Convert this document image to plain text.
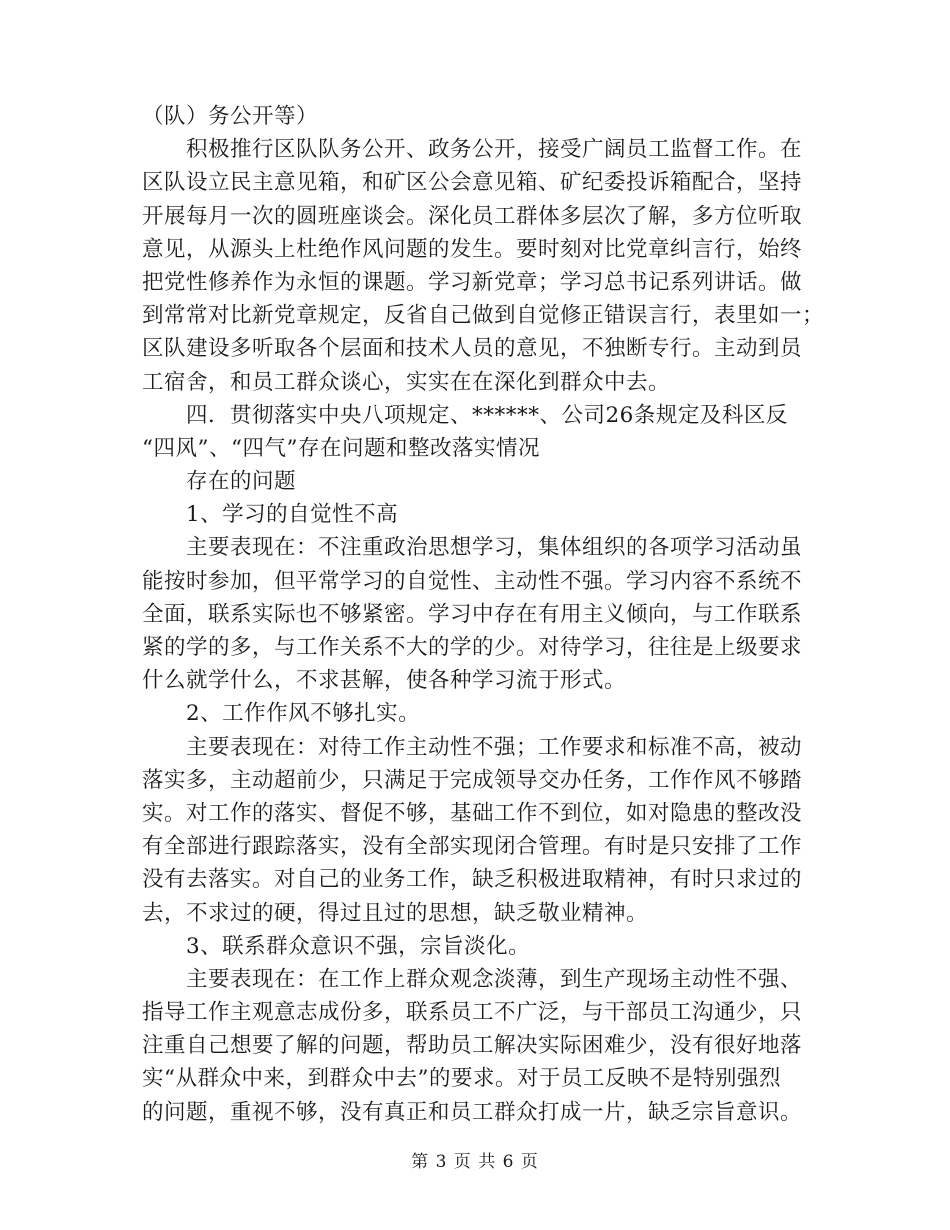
（队）务公开等）
积极推行区队队务公开、政务公开，接受广阔员工监督工作。在
区队设立民主意见箱，和矿区公会意见箱、矿纪委投诉箱配合，坚持
开展每月一次的圆班座谈会。深化员工群体多层次了解，多方位听取
意见，从源头上杜绝作风问题的发生。要时刻对比党章纠言行，始终
把党性修养作为永恒的课题。学习新党章；学习总书记系列讲话。做
到常常对比新党章规定，反省自己做到自觉修正错误言行，表里如一；
区队建设多听取各个层面和技术人员的意见，不独断专行。主动到员
工宿舍，和员工群众谈心，实实在在深化到群众中去。
四．贯彻落实中央八项规定、******、公司26条规定及科区反
“四风”、“四气”存在问题和整改落实情况
存在的问题
1、学习的自觉性不高
主要表现在：不注重政治思想学习，集体组织的各项学习活动虽
能按时参加，但平常学习的自觉性、主动性不强。学习内容不系统不
全面，联系实际也不够紧密。学习中存在有用主义倾向，与工作联系
紧的学的多，与工作关系不大的学的少。对待学习，往往是上级要求
什么就学什么，不求甚解，使各种学习流于形式。
2、工作作风不够扎实。
主要表现在：对待工作主动性不强；工作要求和标准不高，被动
落实多，主动超前少，只满足于完成领导交办任务，工作作风不够踏
实。对工作的落实、督促不够，基础工作不到位，如对隐患的整改没
有全部进行跟踪落实，没有全部实现闭合管理。有时是只安排了工作
没有去落实。对自己的业务工作，缺乏积极进取精神，有时只求过的
去，不求过的硬，得过且过的思想，缺乏敬业精神。
3、联系群众意识不强，宗旨淡化。
主要表现在：在工作上群众观念淡薄，到生产现场主动性不强、
指导工作主观意志成份多，联系员工不广泛，与干部员工沟通少，只
注重自己想要了解的问题，帮助员工解决实际困难少，没有很好地落
实“从群众中来，到群众中去”的要求。对于员工反映不是特别强烈
的问题，重视不够，没有真正和员工群众打成一片，缺乏宗旨意识。
第 3 页 共 6 页
